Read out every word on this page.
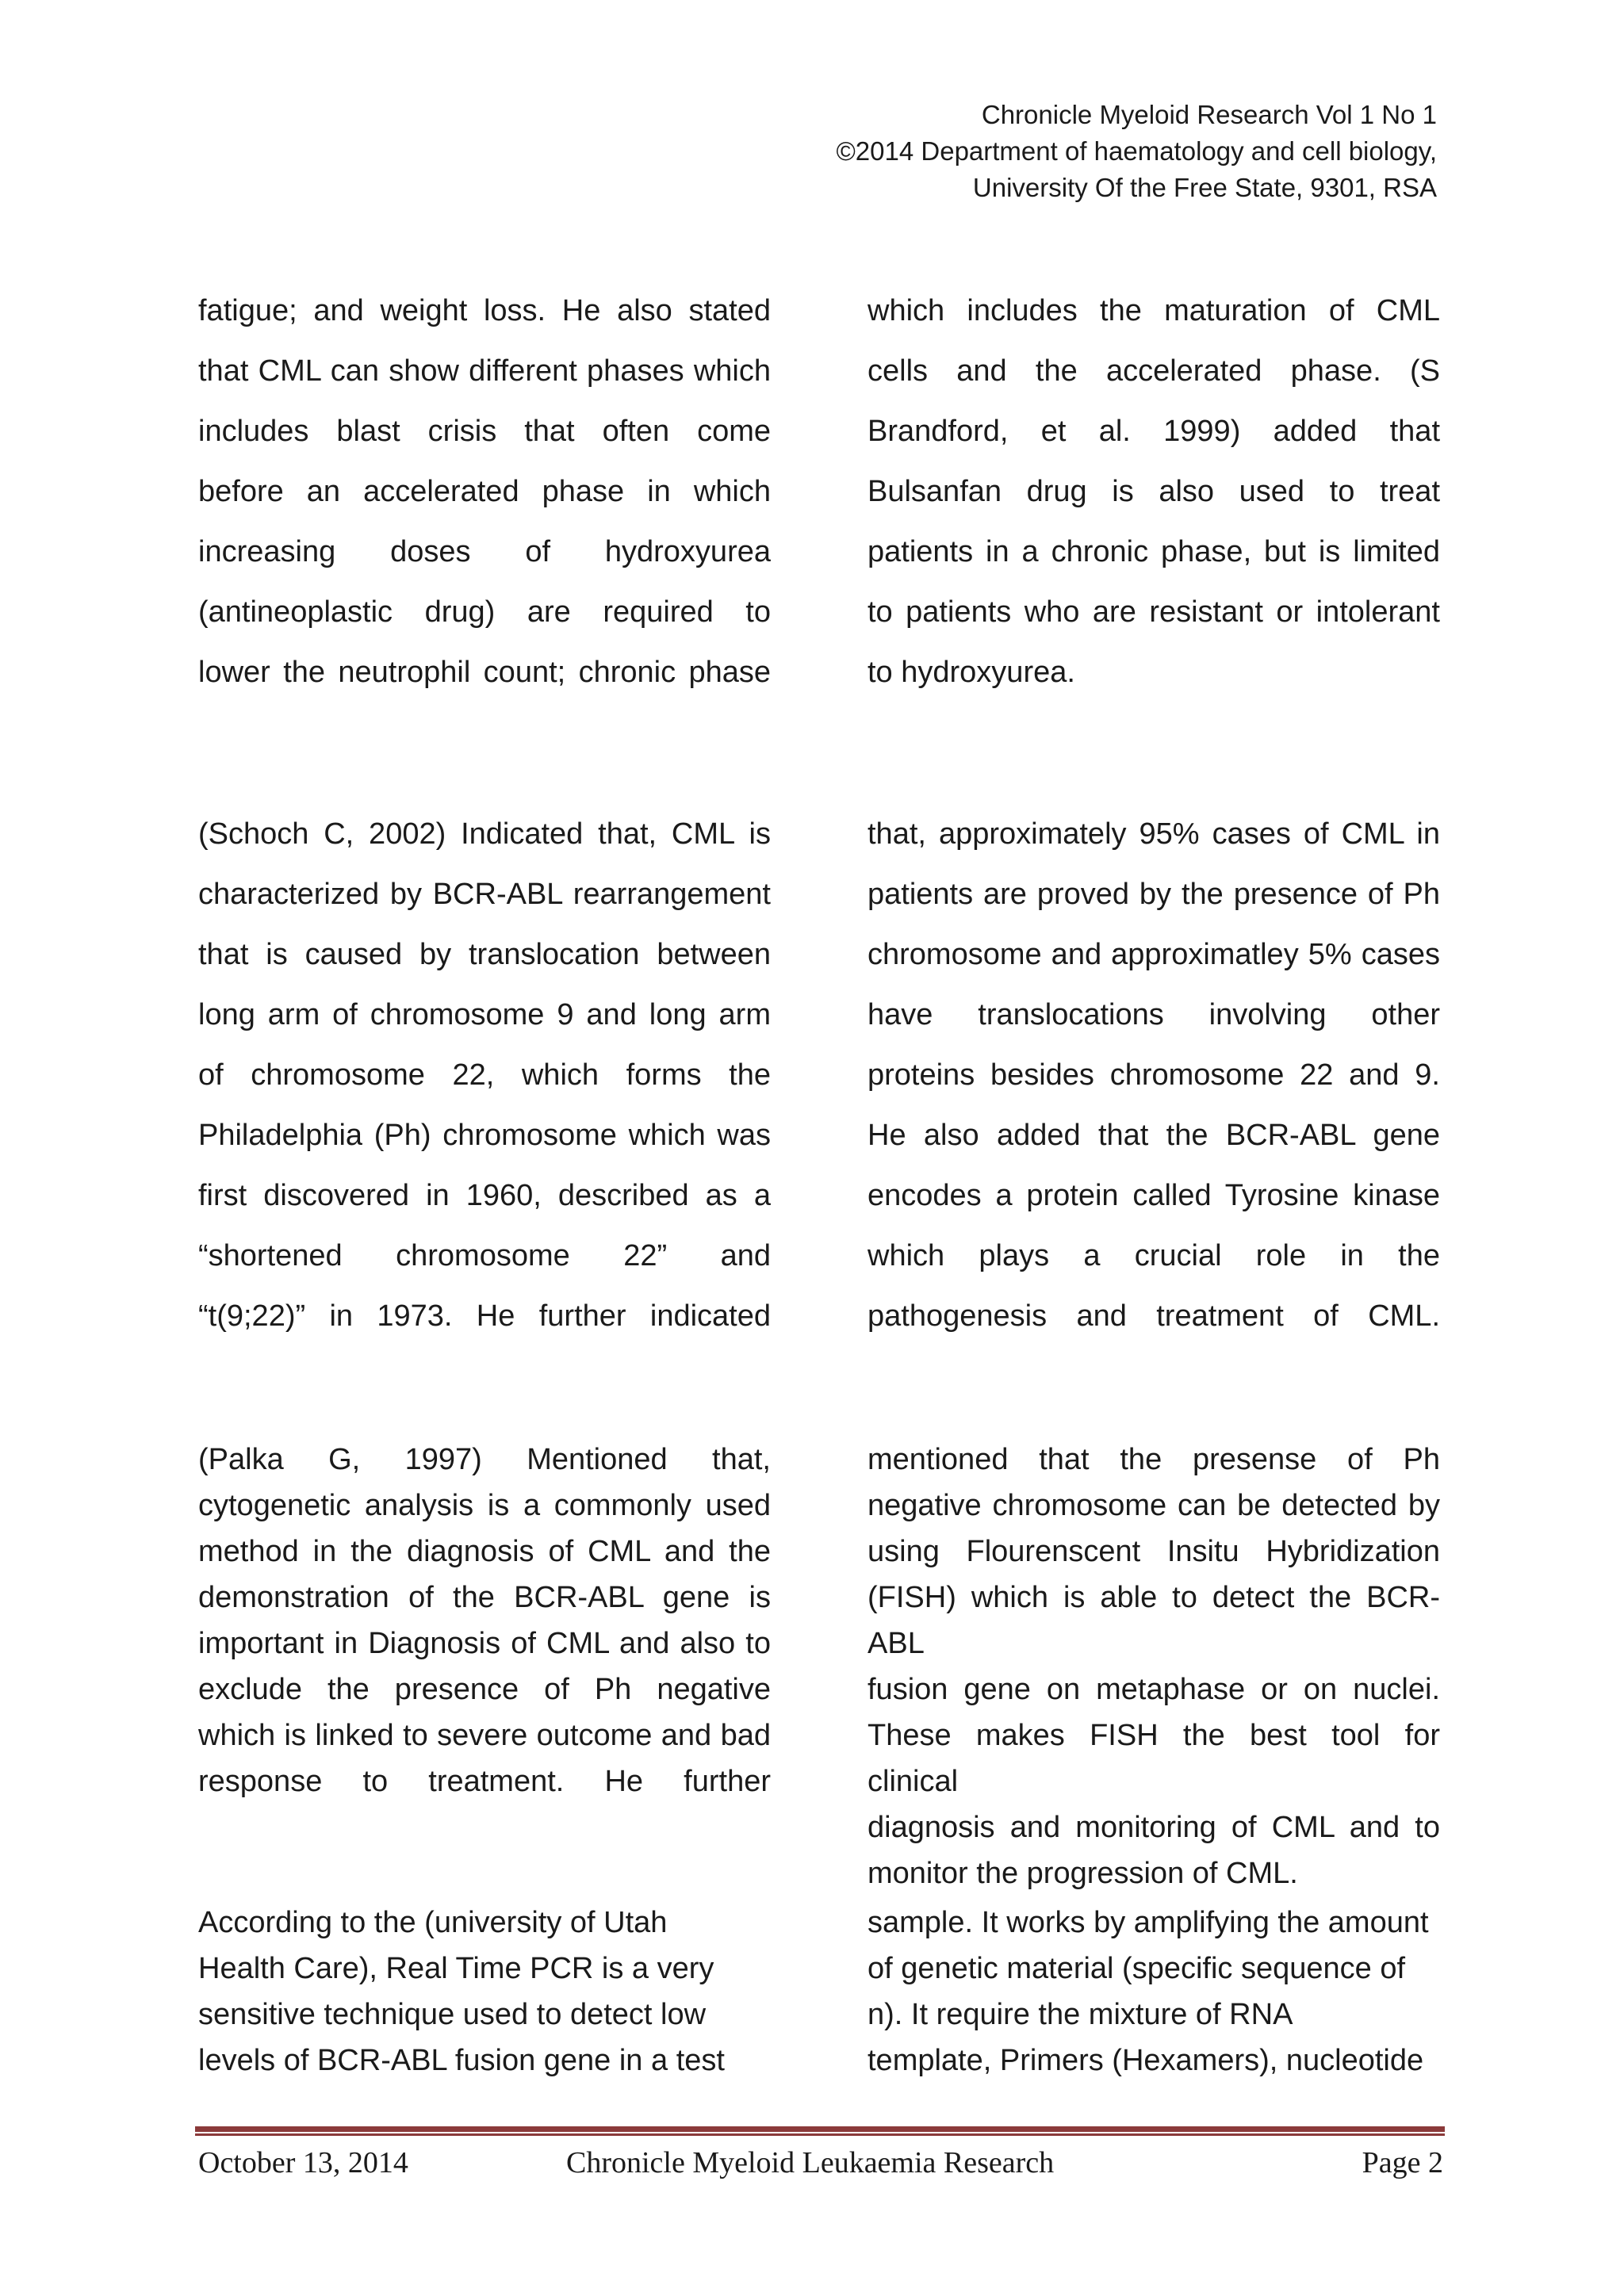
Chronicle Myeloid Research Vol 1 No 1
©2014 Department of haematology and cell biology,
University Of the Free State, 9301, RSA
fatigue; and weight loss. He also stated
that CML can show different phases which
includes blast crisis that often come
before an accelerated phase in which
increasing doses of hydroxyurea
(antineoplastic drug) are required to
lower the neutrophil count; chronic phase
which includes the maturation of CML
cells and the accelerated phase. (S
Brandford, et al. 1999) added that
Bulsanfan drug is also used to treat
patients in a chronic phase, but is limited
to patients who are resistant or intolerant
to hydroxyurea.
(Schoch C, 2002) Indicated that, CML is
characterized by BCR-ABL rearrangement
that is caused by translocation between
long arm of chromosome 9 and long arm
of chromosome 22, which forms the
Philadelphia (Ph) chromosome which was
first discovered in 1960, described as a
“shortened chromosome 22” and
“t(9;22)” in 1973. He further indicated
that, approximately 95% cases of CML in
patients are proved by the presence of Ph
chromosome and approximatley 5% cases
have translocations involving other
proteins besides chromosome 22 and 9.
He also added that the BCR-ABL gene
encodes a protein called Tyrosine kinase
which plays a crucial role in the
pathogenesis and treatment of CML.
(Palka G, 1997) Mentioned that,
cytogenetic analysis is a commonly used
method in the diagnosis of CML and the
demonstration of the BCR-ABL gene is
important in Diagnosis of CML and also to
exclude the presence of Ph negative
which is linked to severe outcome and bad
response to treatment. He further
mentioned that the presense of Ph
negative chromosome can be detected by
using Flourenscent Insitu Hybridization
(FISH) which is able to detect the BCR-ABL
fusion gene on metaphase or on nuclei.
These makes FISH the best tool for clinical
diagnosis and monitoring of CML and to
monitor the progression of CML.
According to the (university of Utah
Health Care), Real Time PCR is a very
sensitive technique used to detect low
levels of BCR-ABL fusion gene in a test
sample. It works by amplifying the amount
of genetic material (specific sequence of
n). It require the mixture of RNA
template, Primers (Hexamers), nucleotide
October 13, 2014	Chronicle Myeloid Leukaemia Research	Page 2
